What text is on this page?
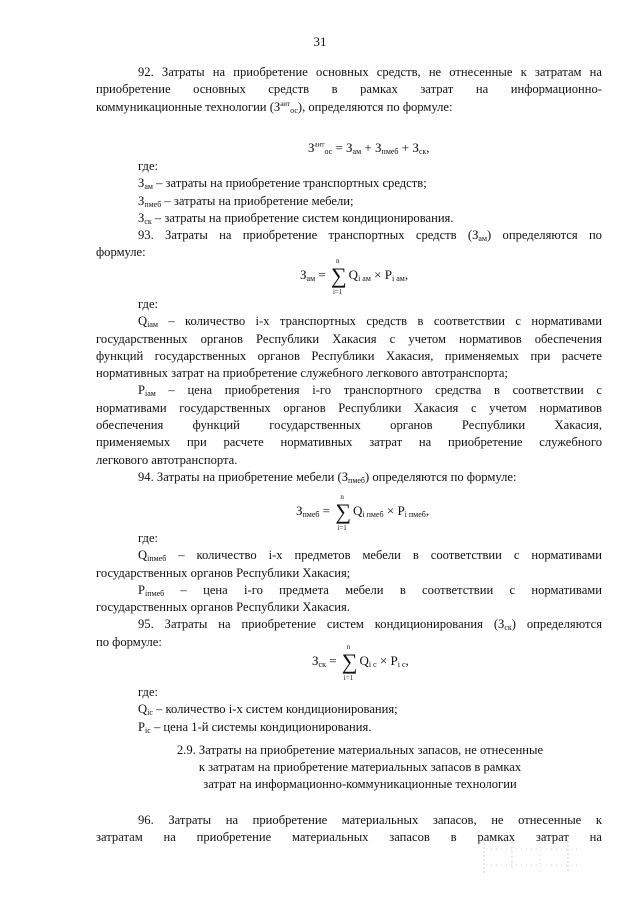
31

92. Затраты на приобретение основных средств, не отнесенные к затратам на

приобретение основных средств в рамках затрат на информационно-

коммуникационные технологии $(З^{аит}_{ос})$, определяются по формуле:

$З^{аит}_{ос} = З_{ам} + З_{пмеб} + З_{ск}$,

где:

$З_{ам}$ – затраты на приобретение транспортных средств;

$З_{пмеб}$ – затраты на приобретение мебели;

$З_{ск}$ – затраты на приобретение систем кондиционирования.

93. Затраты на приобретение транспортных средств $(З_{ам})$ определяются по

формуле:

$З_{ам}$ =
n
∑
i=1
$Q_{i ам} \times P_{i ам}$,

где:

$Q_{iам}$ – количество i-х транспортных средств в соответствии с нормативами

государственных органов Республики Хакасия с учетом нормативов обеспечения

функций государственных органов Республики Хакасия, применяемых при расчете

нормативных затрат на приобретение служебного легкового автотранспорта;

$P_{iам}$ – цена приобретения i-го транспортного средства в соответствии с

нормативами государственных органов Республики Хакасия с учетом нормативов

обеспечения функций государственных органов Республики Хакасия,

применяемых при расчете нормативных затрат на приобретение служебного

легкового автотранспорта.

94. Затраты на приобретение мебели $(З_{пмеб})$ определяются по формуле:

$З_{пмеб}$ =
n
∑
i=1
$Q_{i пмеб} \times P_{i пмеб}$,

где:

$Q_{iпмеб}$ – количество i-х предметов мебели в соответствии с нормативами

государственных органов Республики Хакасия;

$P_{iпмеб}$ – цена i-го предмета мебели в соответствии с нормативами

государственных органов Республики Хакасия.

95. Затраты на приобретение систем кондиционирования $(З_{ск})$ определяются

по формуле:

$З_{ск}$ =
n
∑
i=1
$Q_{i c} \times P_{i c}$,

где:

$Q_{ic}$ – количество i-х систем кондиционирования;

$P_{ic}$ – цена 1-й системы кондиционирования.

2.9. Затраты на приобретение материальных запасов, не отнесенные
к затратам на приобретение материальных запасов в рамках
затрат на информационно-коммуникационные технологии

96. Затраты на приобретение материальных запасов, не отнесенные к

затратам на приобретение материальных запасов в рамках затрат на
